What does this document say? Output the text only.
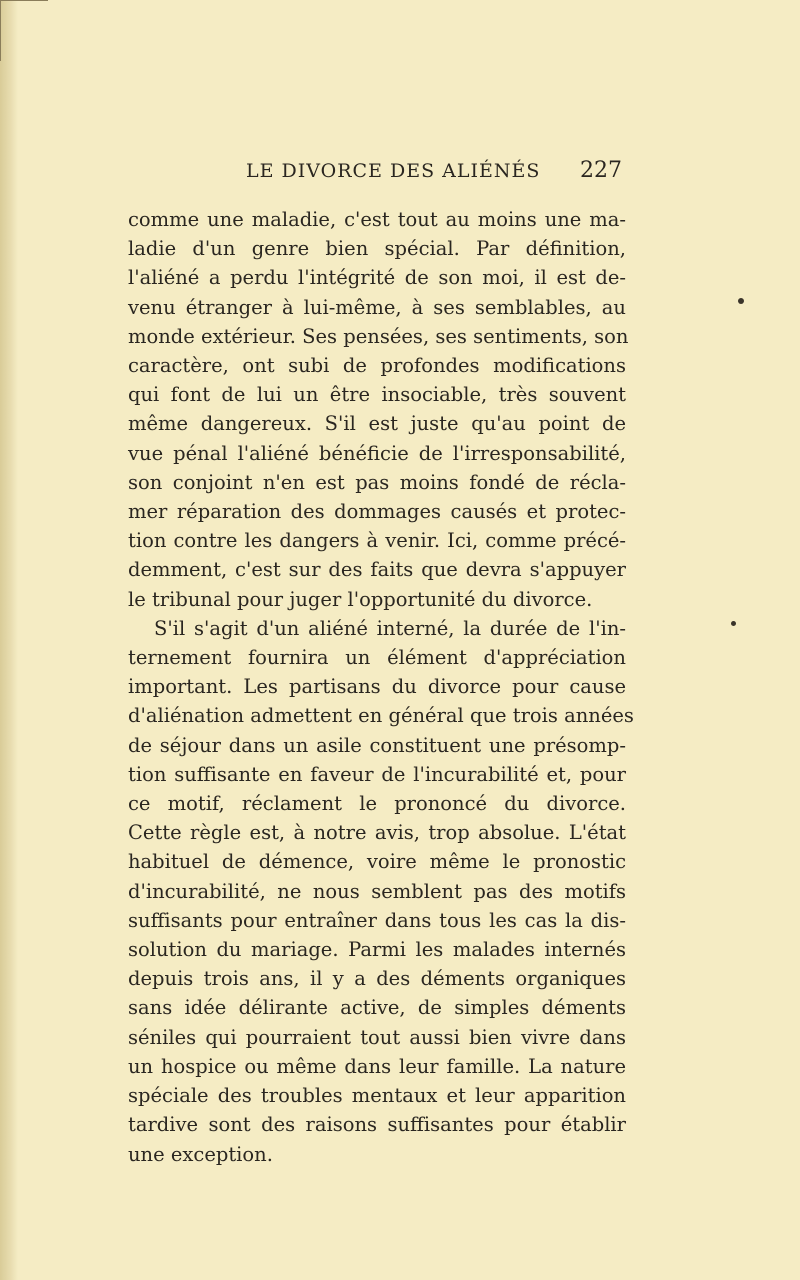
LE DIVORCE DES ALIÉNÉS 227
comme une maladie, c'est tout au moins une ma-
ladie d'un genre bien spécial. Par définition,
l'aliéné a perdu l'intégrité de son moi, il est de-
venu étranger à lui-même, à ses semblables, au
monde extérieur. Ses pensées, ses sentiments, son
caractère, ont subi de profondes modifications
qui font de lui un être insociable, très souvent
même dangereux. S'il est juste qu'au point de
vue pénal l'aliéné bénéficie de l'irresponsabilité,
son conjoint n'en est pas moins fondé de récla-
mer réparation des dommages causés et protec-
tion contre les dangers à venir. Ici, comme précé-
demment, c'est sur des faits que devra s'appuyer
le tribunal pour juger l'opportunité du divorce.
S'il s'agit d'un aliéné interné, la durée de l'in-
ternement fournira un élément d'appréciation
important. Les partisans du divorce pour cause
d'aliénation admettent en général que trois années
de séjour dans un asile constituent une présomp-
tion suffisante en faveur de l'incurabilité et, pour
ce motif, réclament le prononcé du divorce.
Cette règle est, à notre avis, trop absolue. L'état
habituel de démence, voire même le pronostic
d'incurabilité, ne nous semblent pas des motifs
suffisants pour entraîner dans tous les cas la dis-
solution du mariage. Parmi les malades internés
depuis trois ans, il y a des déments organiques
sans idée délirante active, de simples déments
séniles qui pourraient tout aussi bien vivre dans
un hospice ou même dans leur famille. La nature
spéciale des troubles mentaux et leur apparition
tardive sont des raisons suffisantes pour établir
une exception.
